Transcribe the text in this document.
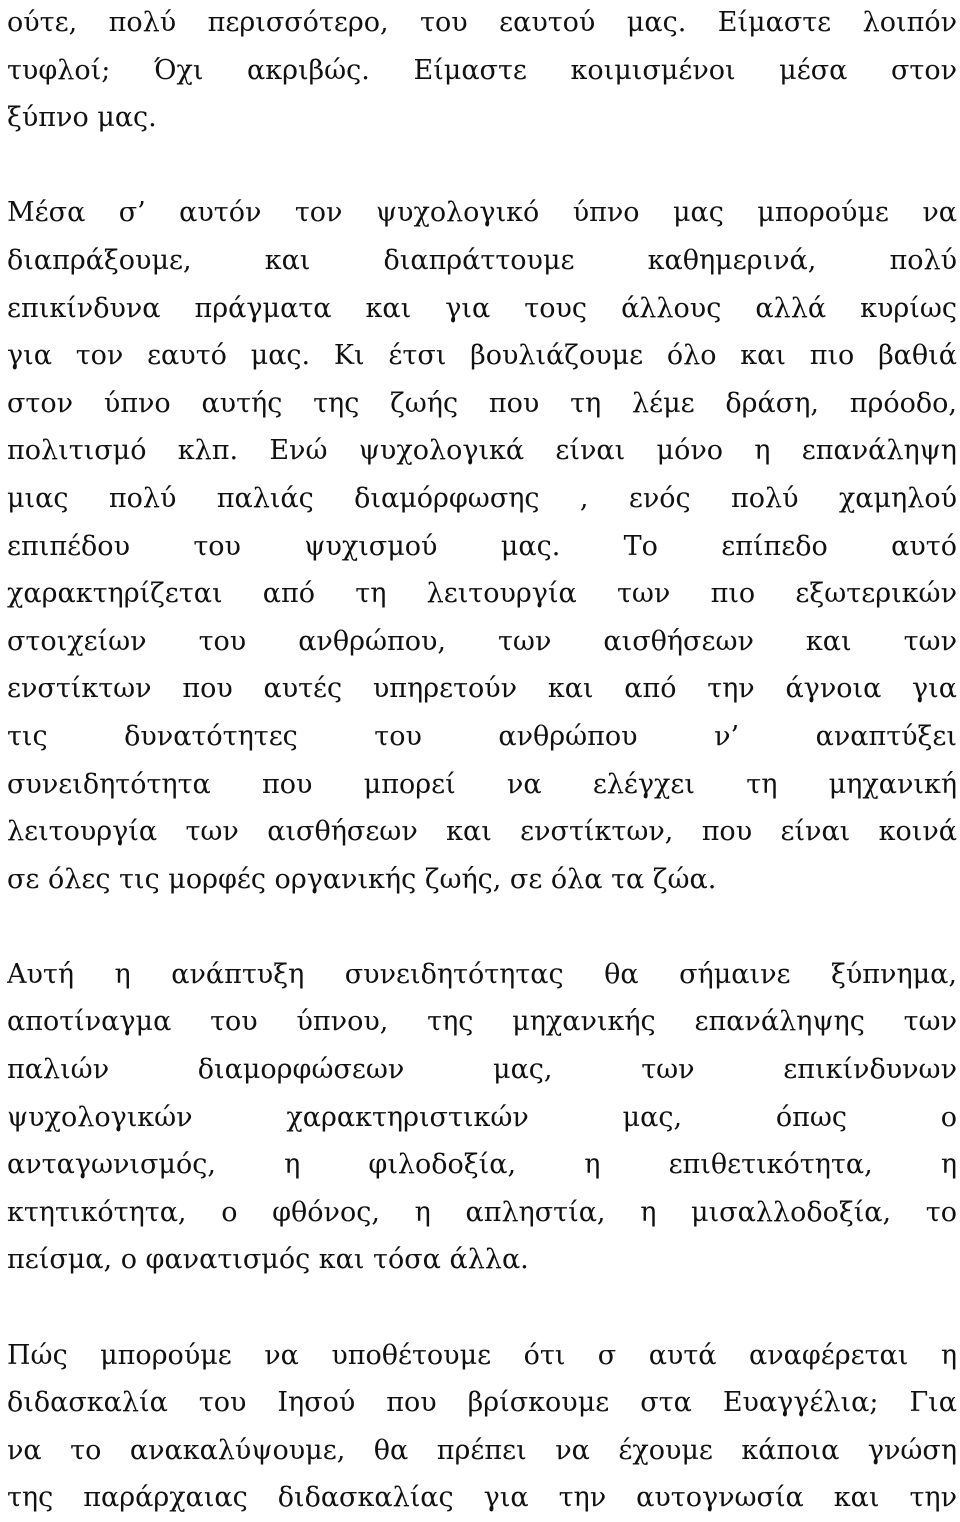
ούτε, πολύ περισσότερο, του εαυτού μας. Είμαστε λοιπόν
τυφλοί; Όχι ακριβώς. Είμαστε κοιμισμένοι μέσα στον
ξύπνο μας.
Μέσα σ’ αυτόν τον ψυχολογικό ύπνο μας μπορούμε να
διαπράξουμε, και διαπράττουμε καθημερινά, πολύ
επικίνδυνα πράγματα και για τους άλλους αλλά κυρίως
για τον εαυτό μας. Κι έτσι βουλιάζουμε όλο και πιο βαθιά
στον ύπνο αυτής της ζωής που τη λέμε δράση, πρόοδο,
πολιτισμό κλπ. Ενώ ψυχολογικά είναι μόνο η επανάληψη
μιας πολύ παλιάς διαμόρφωσης , ενός πολύ χαμηλού
επιπέδου του ψυχισμού μας. Το επίπεδο αυτό
χαρακτηρίζεται από τη λειτουργία των πιο εξωτερικών
στοιχείων του ανθρώπου, των αισθήσεων και των
ενστίκτων που αυτές υπηρετούν και από την άγνοια για
τις δυνατότητες του ανθρώπου ν’ αναπτύξει
συνειδητότητα που μπορεί να ελέγχει τη μηχανική
λειτουργία των αισθήσεων και ενστίκτων, που είναι κοινά
σε όλες τις μορφές οργανικής ζωής, σε όλα τα ζώα.
Αυτή η ανάπτυξη συνειδητότητας θα σήμαινε ξύπνημα,
αποτίναγμα του ύπνου, της μηχανικής επανάληψης των
παλιών διαμορφώσεων μας, των επικίνδυνων
ψυχολογικών χαρακτηριστικών μας, όπως ο
ανταγωνισμός, η φιλοδοξία, η επιθετικότητα, η
κτητικότητα, ο φθόνος, η απληστία, η μισαλλοδοξία, το
πείσμα, ο φανατισμός και τόσα άλλα.
Πώς μπορούμε να υποθέτουμε ότι σ αυτά αναφέρεται η
διδασκαλία του Ιησού που βρίσκουμε στα Ευαγγέλια; Για
να το ανακαλύψουμε, θα πρέπει να έχουμε κάποια γνώση
της παράρχαιας διδασκαλίας για την αυτογνωσία και την
